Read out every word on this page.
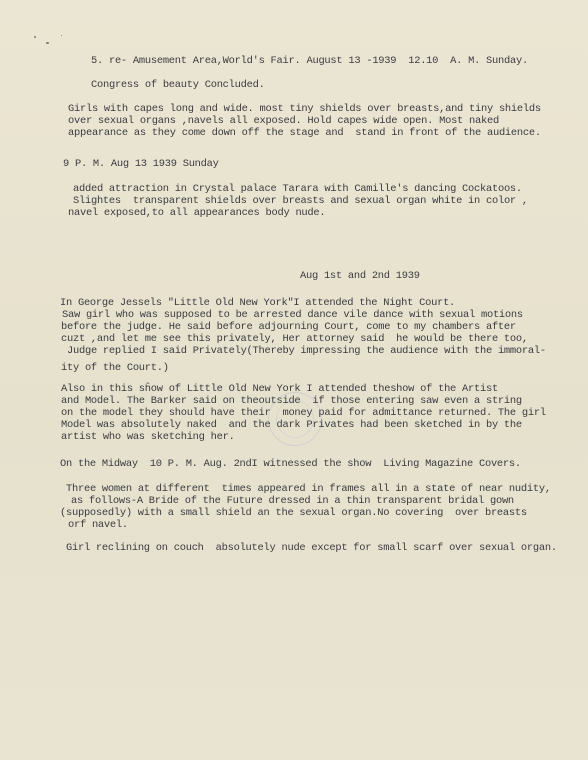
5. re- Amusement Area,World's Fair. August 13 -1939  12.10  A. M. Sunday.
Congress of beauty Concluded.
Girls with capes long and wide. most tiny shields over breasts,and tiny shields
over sexual organs ,navels all exposed. Hold capes wide open. Most naked
appearance as they come down off the stage and  stand in front of the audience.
9 P. M. Aug 13 1939 Sunday
added attraction in Crystal palace Tarara with Camille's dancing Cockatoos.
Slightes  transparent shields over breasts and sexual organ white in color ,
navel exposed,to all appearances body nude.
Aug 1st and 2nd 1939
In George Jessels "Little Old New York"I attended the Night Court.
Saw girl who was supposed to be arrested dance vile dance with sexual motions
before the judge. He said before adjourning Court, come to my chambers after
cuzt ,and let me see this privately, Her attorney said  he would be there too,
Judge replied I said Privately(Thereby impressing the audience with the immoral-
ity of the Court.)
Also in this sĥow of Little Old New York I attended theshow of the Artist
and Model. The Barker said on theoutside  if those entering saw even a string
on the model they should have their  money paid for admittance returned. The girl
Model was absolutely naked  and the dark Privates had been sketched in by the
artist who was sketching her.
On the Midway  10 P. M. Aug. 2ndI witnessed the show  Living Magazine Covers.
Three women at different  times appeared in frames all in a state of near nudity,
as follows-A Bride of the Future dressed in a thin transparent bridal gown
(supposedly) with a small shield an the sexual organ.No covering  over breasts
orf navel.
Girl reclining on couch  absolutely nude except for small scarf over sexual organ.
